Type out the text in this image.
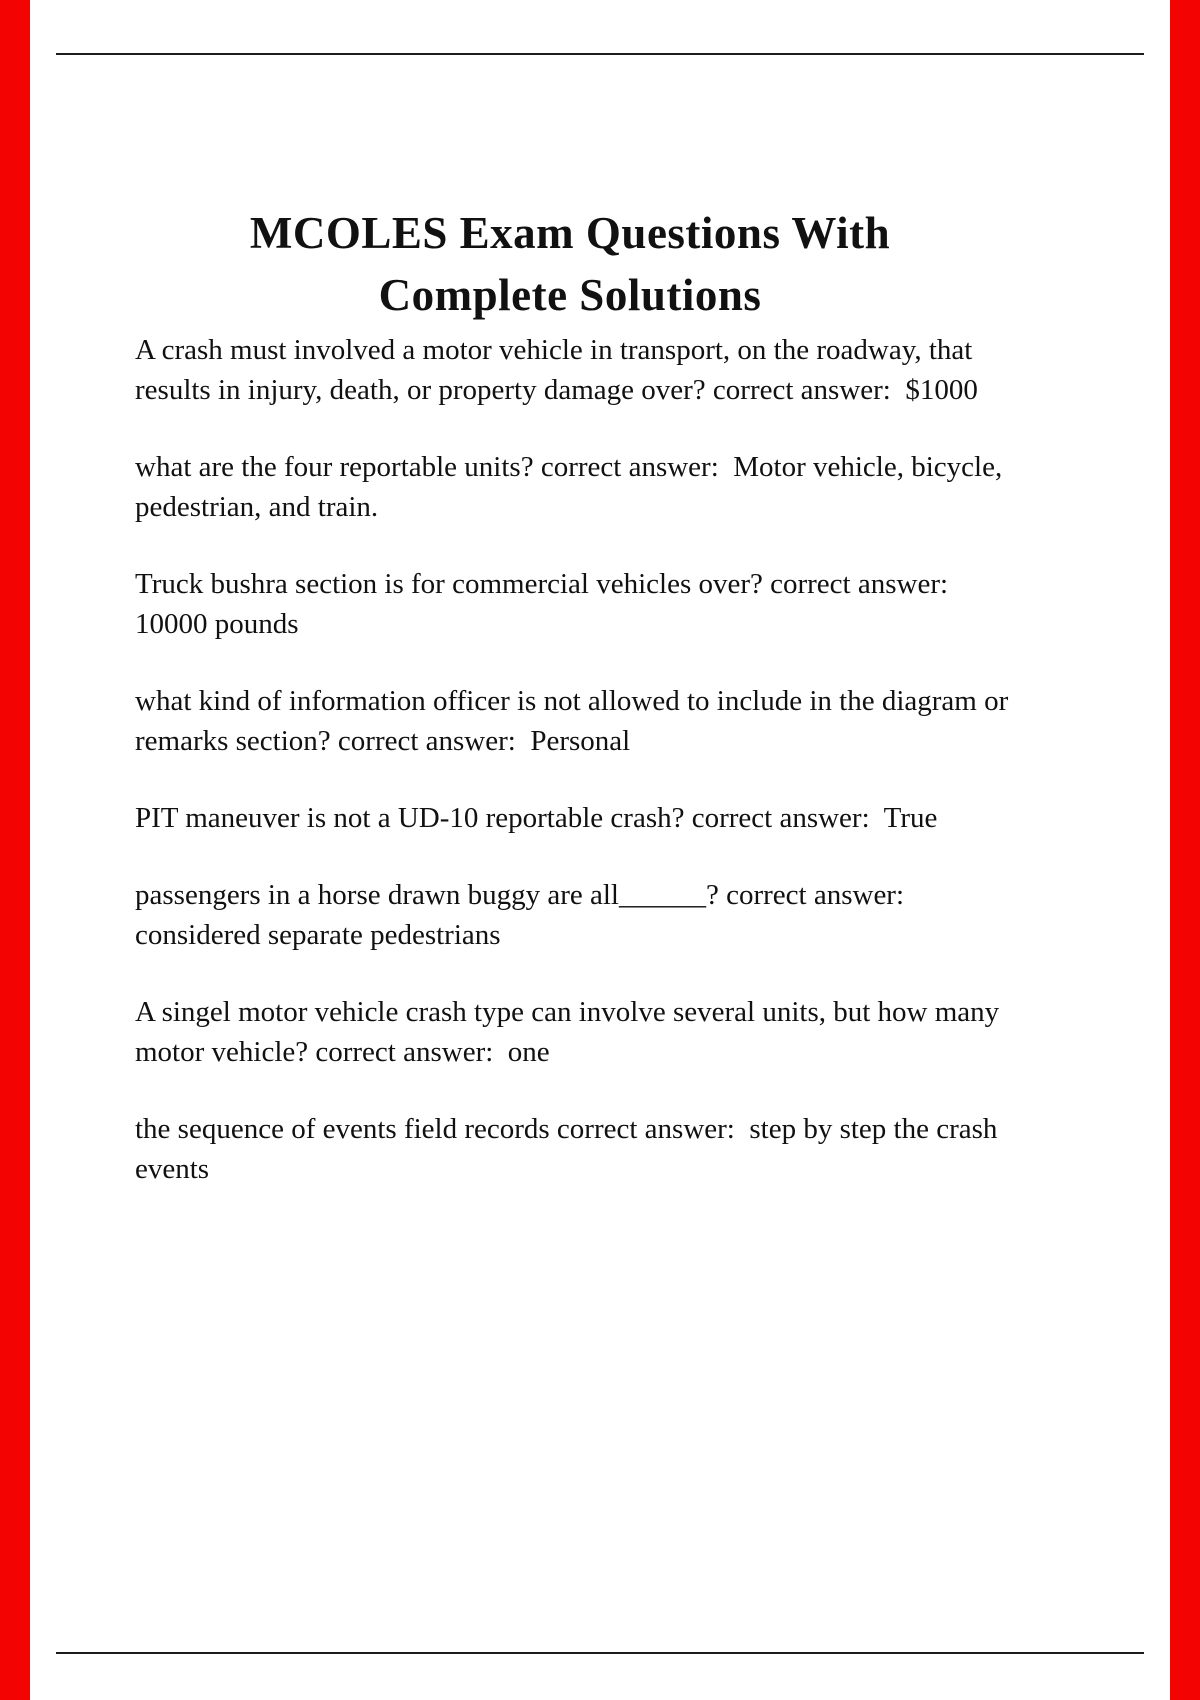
MCOLES Exam Questions With
Complete Solutions

A crash must involved a motor vehicle in transport, on the roadway, that results in injury, death, or property damage over? correct answer:  $1000

what are the four reportable units? correct answer:  Motor vehicle, bicycle, pedestrian, and train.

Truck bushra section is for commercial vehicles over? correct answer:  10000 pounds

what kind of information officer is not allowed to include in the diagram or remarks section? correct answer:  Personal

PIT maneuver is not a UD-10 reportable crash? correct answer:  True

passengers in a horse drawn buggy are all______? correct answer:  considered separate pedestrians

A singel motor vehicle crash type can involve several units, but how many motor vehicle? correct answer:  one

the sequence of events field records correct answer:  step by step the crash events
